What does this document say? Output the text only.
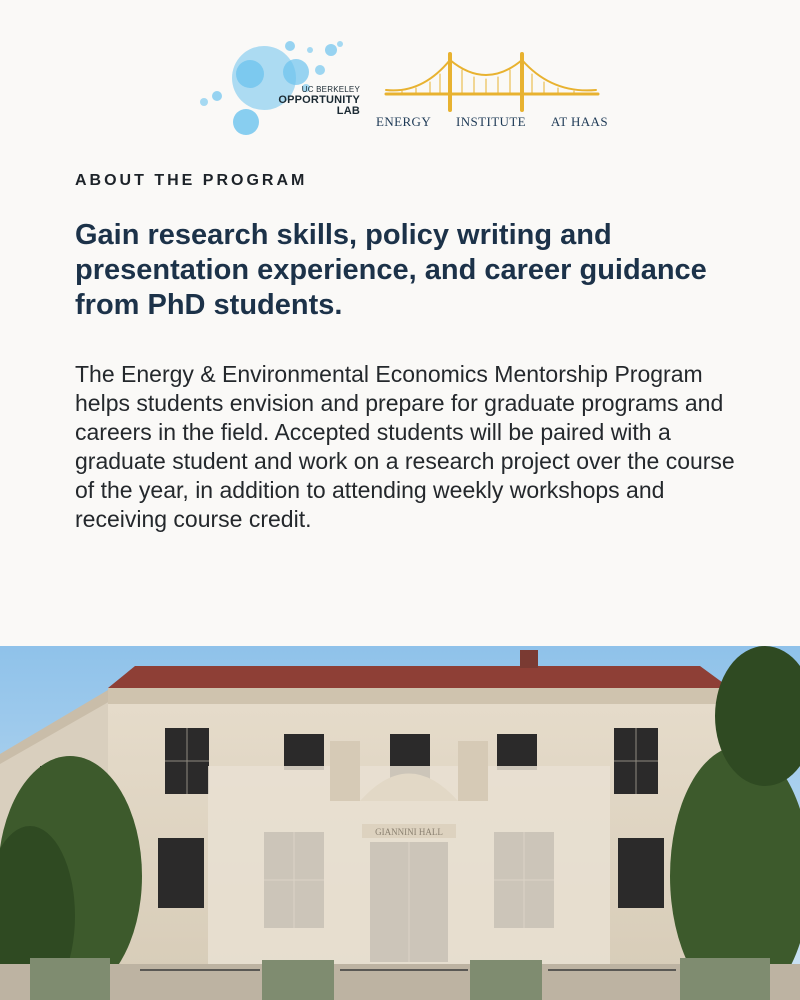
UC BERKELEY
OPPORTUNITY LAB
ENERGY INSTITUTE AT HAAS
ABOUT THE PROGRAM
Gain research skills, policy writing and presentation experience, and career guidance from PhD students.

The Energy & Environmental Economics Mentorship Program helps students envision and prepare for graduate programs and careers in the field. Accepted students will be paired with a graduate student and work on a research project over the course of the year, in addition to attending weekly workshops and receiving course credit.

GIANNINI HALL
